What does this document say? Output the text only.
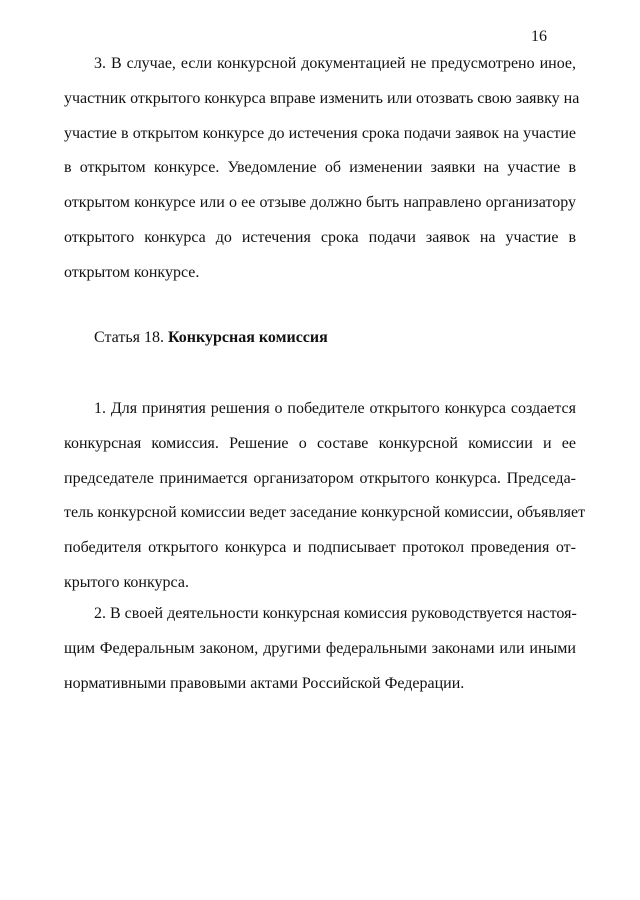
16
3. В случае, если конкурсной документацией не предусмотрено иное,
участник открытого конкурса вправе изменить или отозвать свою заявку на
участие в открытом конкурсе до истечения срока подачи заявок на участие
в открытом конкурсе. Уведомление об изменении заявки на участие в
открытом конкурсе или о ее отзыве должно быть направлено организатору
открытого конкурса до истечения срока подачи заявок на участие в
открытом конкурсе.
Статья 18. Конкурсная комиссия
1. Для принятия решения о победителе открытого конкурса создается
конкурсная комиссия. Решение о составе конкурсной комиссии и ее
председателе принимается организатором открытого конкурса. Председа-
тель конкурсной комиссии ведет заседание конкурсной комиссии, объявляет
победителя открытого конкурса и подписывает протокол проведения от-
крытого конкурса.
2. В своей деятельности конкурсная комиссия руководствуется настоя-
щим Федеральным законом, другими федеральными законами или иными
нормативными правовыми актами Российской Федерации.
